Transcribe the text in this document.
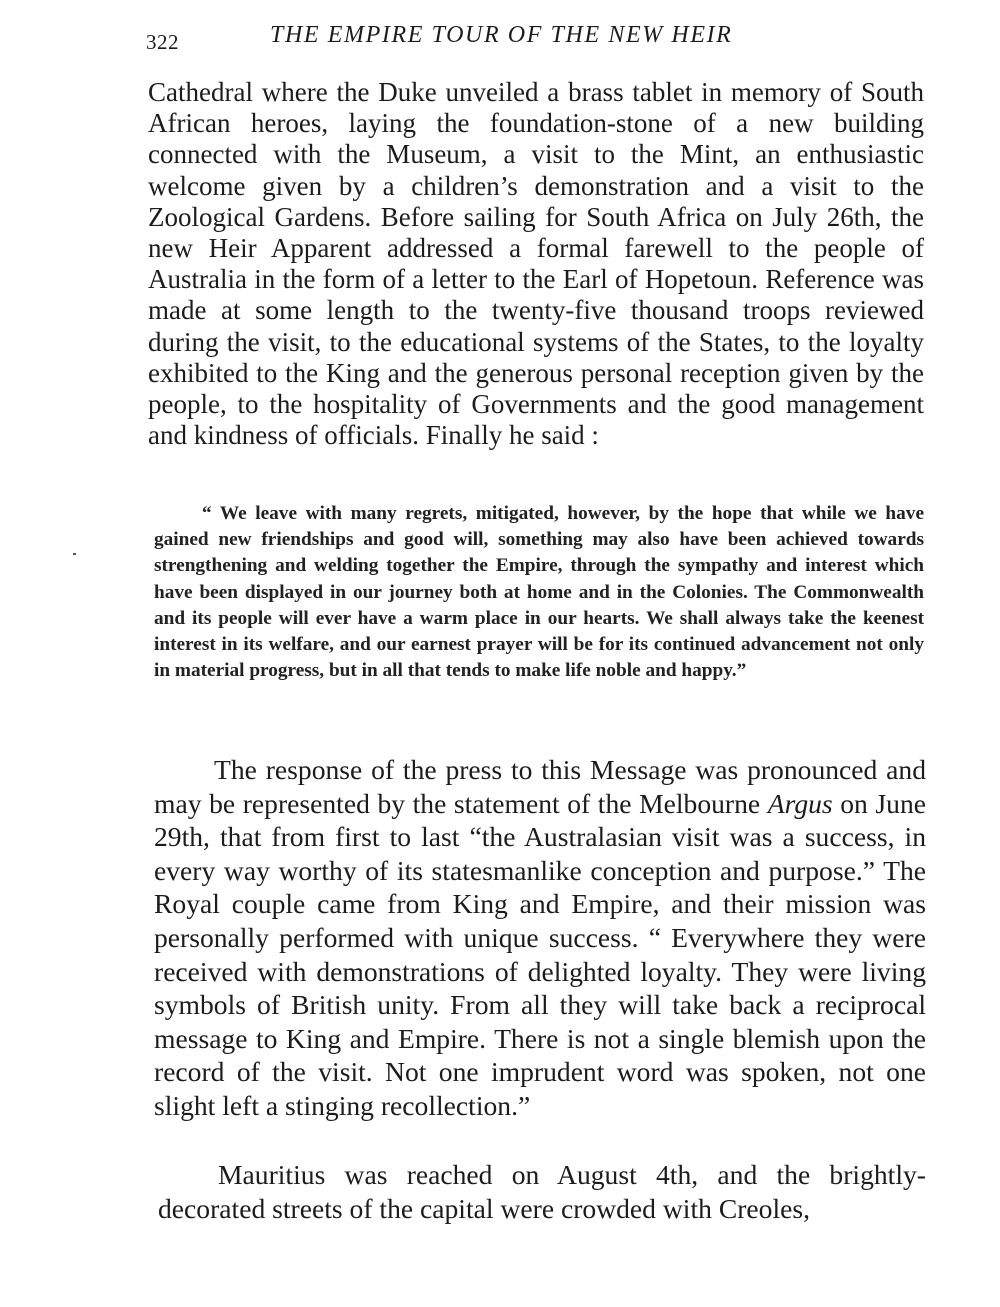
322	THE EMPIRE TOUR OF THE NEW HEIR

Cathedral where the Duke unveiled a brass tablet in memory of South African heroes, laying the foundation-stone of a new building connected with the Museum, a visit to the Mint, an enthusiastic welcome given by a children’s demonstration and a visit to the Zoological Gardens. Before sailing for South Africa on July 26th, the new Heir Apparent addressed a formal farewell to the people of Australia in the form of a letter to the Earl of Hopetoun. Reference was made at some length to the twenty-five thousand troops reviewed during the visit, to the educational systems of the States, to the loyalty exhibited to the King and the generous personal reception given by the people, to the hospitality of Governments and the good management and kindness of officials. Finally he said :

“ We leave with many regrets, mitigated, however, by the hope that while we have gained new friendships and good will, something may also have been achieved towards strengthening and welding together the Empire, through the sympathy and interest which have been displayed in our journey both at home and in the Colonies. The Commonwealth and its people will ever have a warm place in our hearts. We shall always take the keenest interest in its welfare, and our earnest prayer will be for its continued advancement not only in material progress, but in all that tends to make life noble and happy.”

The response of the press to this Message was pronounced and may be represented by the statement of the Melbourne Argus on June 29th, that from first to last “the Australasian visit was a success, in every way worthy of its statesmanlike conception and purpose.” The Royal couple came from King and Empire, and their mission was personally performed with unique success. “ Everywhere they were received with demonstrations of delighted loyalty. They were living symbols of British unity. From all they will take back a reciprocal message to King and Empire. There is not a single blemish upon the record of the visit. Not one imprudent word was spoken, not one slight left a stinging recollection.”

Mauritius was reached on August 4th, and the brightly-decorated streets of the capital were crowded with Creoles,
